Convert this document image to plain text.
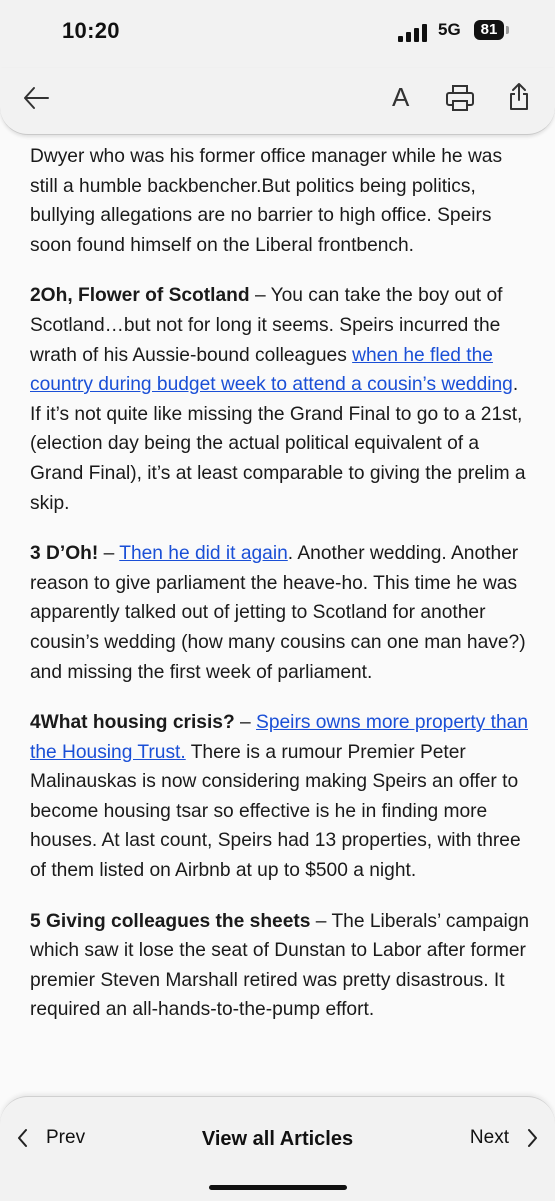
Dwyer who was his former office manager while he was still a humble backbencher.But politics being politics, bullying allegations are no barrier to high office. Speirs soon found himself on the Liberal frontbench.

2Oh, Flower of Scotland – You can take the boy out of Scotland…but not for long it seems. Speirs incurred the wrath of his Aussie-bound colleagues when he fled the country during budget week to attend a cousin’s wedding. If it’s not quite like missing the Grand Final to go to a 21st, (election day being the actual political equivalent of a Grand Final), it’s at least comparable to giving the prelim a skip.

3 D’Oh! – Then he did it again. Another wedding. Another reason to give parliament the heave-ho. This time he was apparently talked out of jetting to Scotland for another cousin’s wedding (how many cousins can one man have?) and missing the first week of parliament.

4What housing crisis? – Speirs owns more property than the Housing Trust. There is a rumour Premier Peter Malinauskas is now considering making Speirs an offer to become housing tsar so effective is he in finding more houses. At last count, Speirs had 13 properties, with three of them listed on Airbnb at up to $500 a night.

5 Giving colleagues the sheets – The Liberals’ campaign which saw it lose the seat of Dunstan to Labor after former premier Steven Marshall retired was pretty disastrous. It required an all-hands-to-the-pump effort.

10:20	5G	81
A
Prev	View all Articles	Next
